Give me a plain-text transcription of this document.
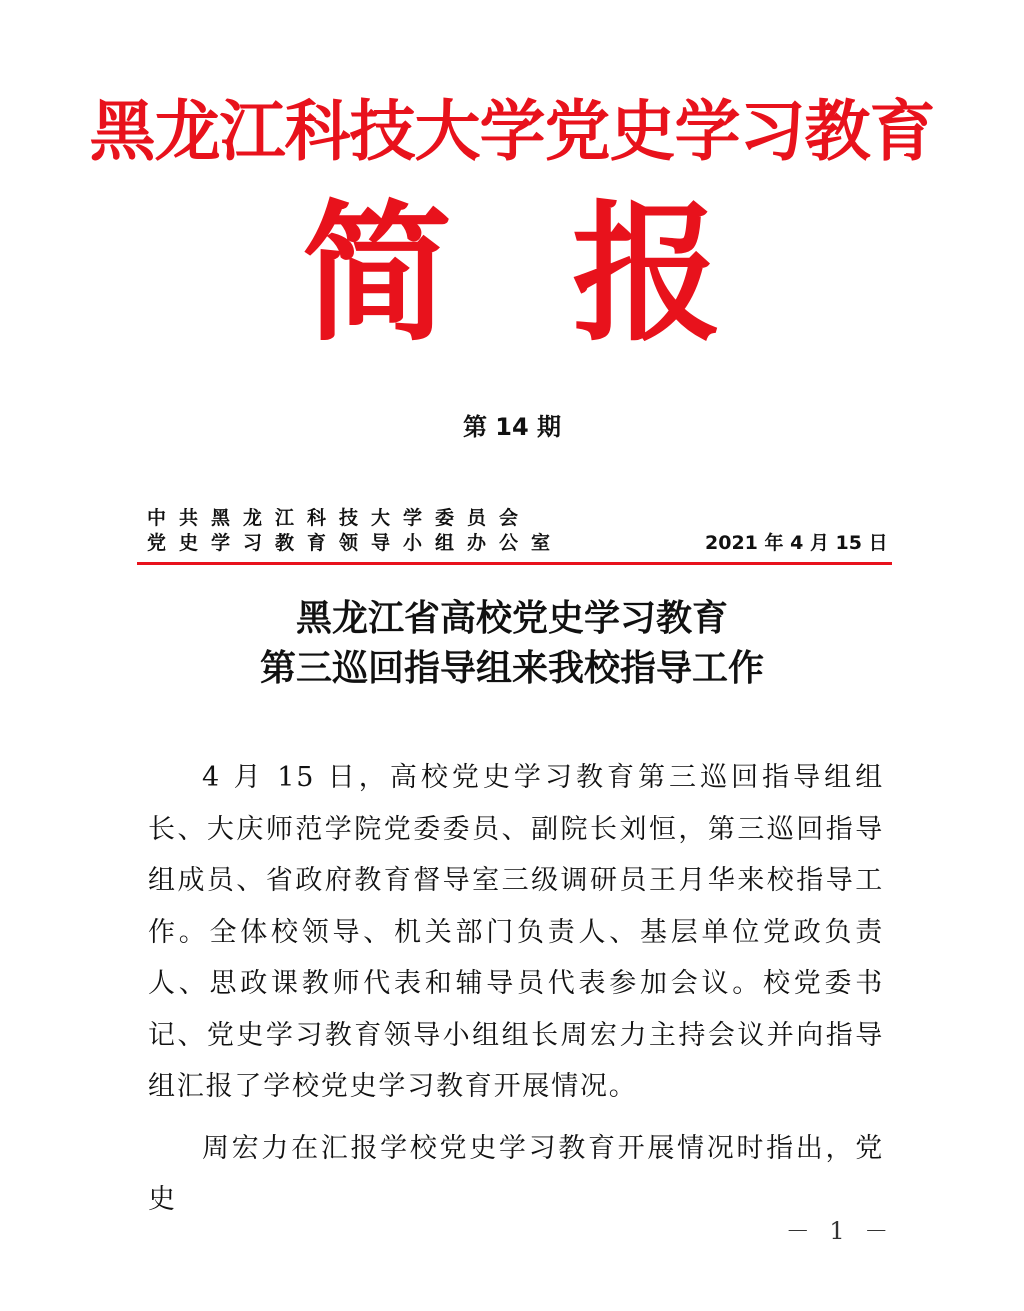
黑龙江科技大学党史学习教育
简报
第 14 期
中共黑龙江科技大学委员会
党史学习教育领导小组办公室	2021 年 4 月 15 日
黑龙江省高校党史学习教育
第三巡回指导组来我校指导工作

4 月 15 日，高校党史学习教育第三巡回指导组组长、大庆师范学院党委委员、副院长刘恒，第三巡回指导组成员、省政府教育督导室三级调研员王月华来校指导工作。全体校领导、机关部门负责人、基层单位党政负责人、思政课教师代表和辅导员代表参加会议。校党委书记、党史学习教育领导小组组长周宏力主持会议并向指导组汇报了学校党史学习教育开展情况。

周宏力在汇报学校党史学习教育开展情况时指出，党史

－ 1 －
